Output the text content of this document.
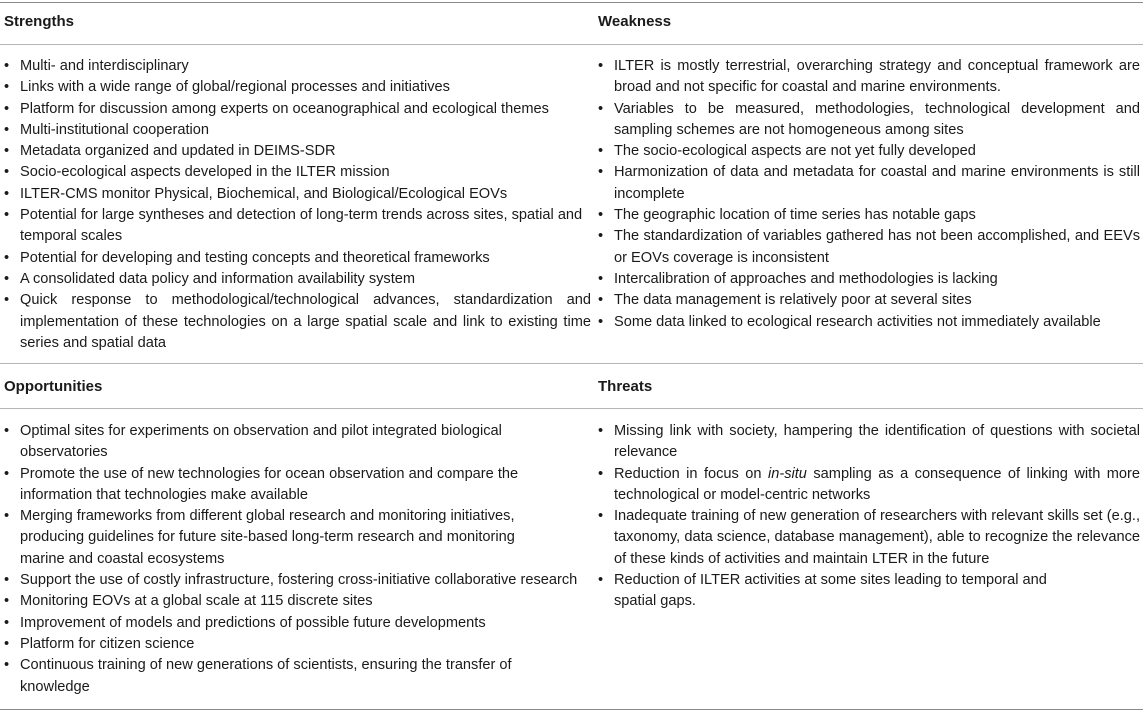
Strengths
• Multi- and interdisciplinary
• Links with a wide range of global/regional processes and initiatives
• Platform for discussion among experts on oceanographical and ecological themes
• Multi-institutional cooperation
• Metadata organized and updated in DEIMS-SDR
• Socio-ecological aspects developed in the ILTER mission
• ILTER-CMS monitor Physical, Biochemical, and Biological/Ecological EOVs
• Potential for large syntheses and detection of long-term trends across sites, spatial and temporal scales
• Potential for developing and testing concepts and theoretical frameworks
• A consolidated data policy and information availability system
• Quick response to methodological/technological advances, standardization and implementation of these technologies on a large spatial scale and link to existing time series and spatial data
Weakness
• ILTER is mostly terrestrial, overarching strategy and conceptual framework are broad and not specific for coastal and marine environments.
• Variables to be measured, methodologies, technological development and sampling schemes are not homogeneous among sites
• The socio-ecological aspects are not yet fully developed
• Harmonization of data and metadata for coastal and marine environments is still incomplete
• The geographic location of time series has notable gaps
• The standardization of variables gathered has not been accomplished, and EEVs or EOVs coverage is inconsistent
• Intercalibration of approaches and methodologies is lacking
• The data management is relatively poor at several sites
• Some data linked to ecological research activities not immediately available
Opportunities
• Optimal sites for experiments on observation and pilot integrated biological observatories
• Promote the use of new technologies for ocean observation and compare the information that technologies make available
• Merging frameworks from different global research and monitoring initiatives, producing guidelines for future site-based long-term research and monitoring marine and coastal ecosystems
• Support the use of costly infrastructure, fostering cross-initiative collaborative research
• Monitoring EOVs at a global scale at 115 discrete sites
• Improvement of models and predictions of possible future developments
• Platform for citizen science
• Continuous training of new generations of scientists, ensuring the transfer of knowledge
Threats
• Missing link with society, hampering the identification of questions with societal relevance
• Reduction in focus on in-situ sampling as a consequence of linking with more technological or model-centric networks
• Inadequate training of new generation of researchers with relevant skills set (e.g., taxonomy, data science, database management), able to recognize the relevance of these kinds of activities and maintain LTER in the future
• Reduction of ILTER activities at some sites leading to temporal and spatial gaps.
